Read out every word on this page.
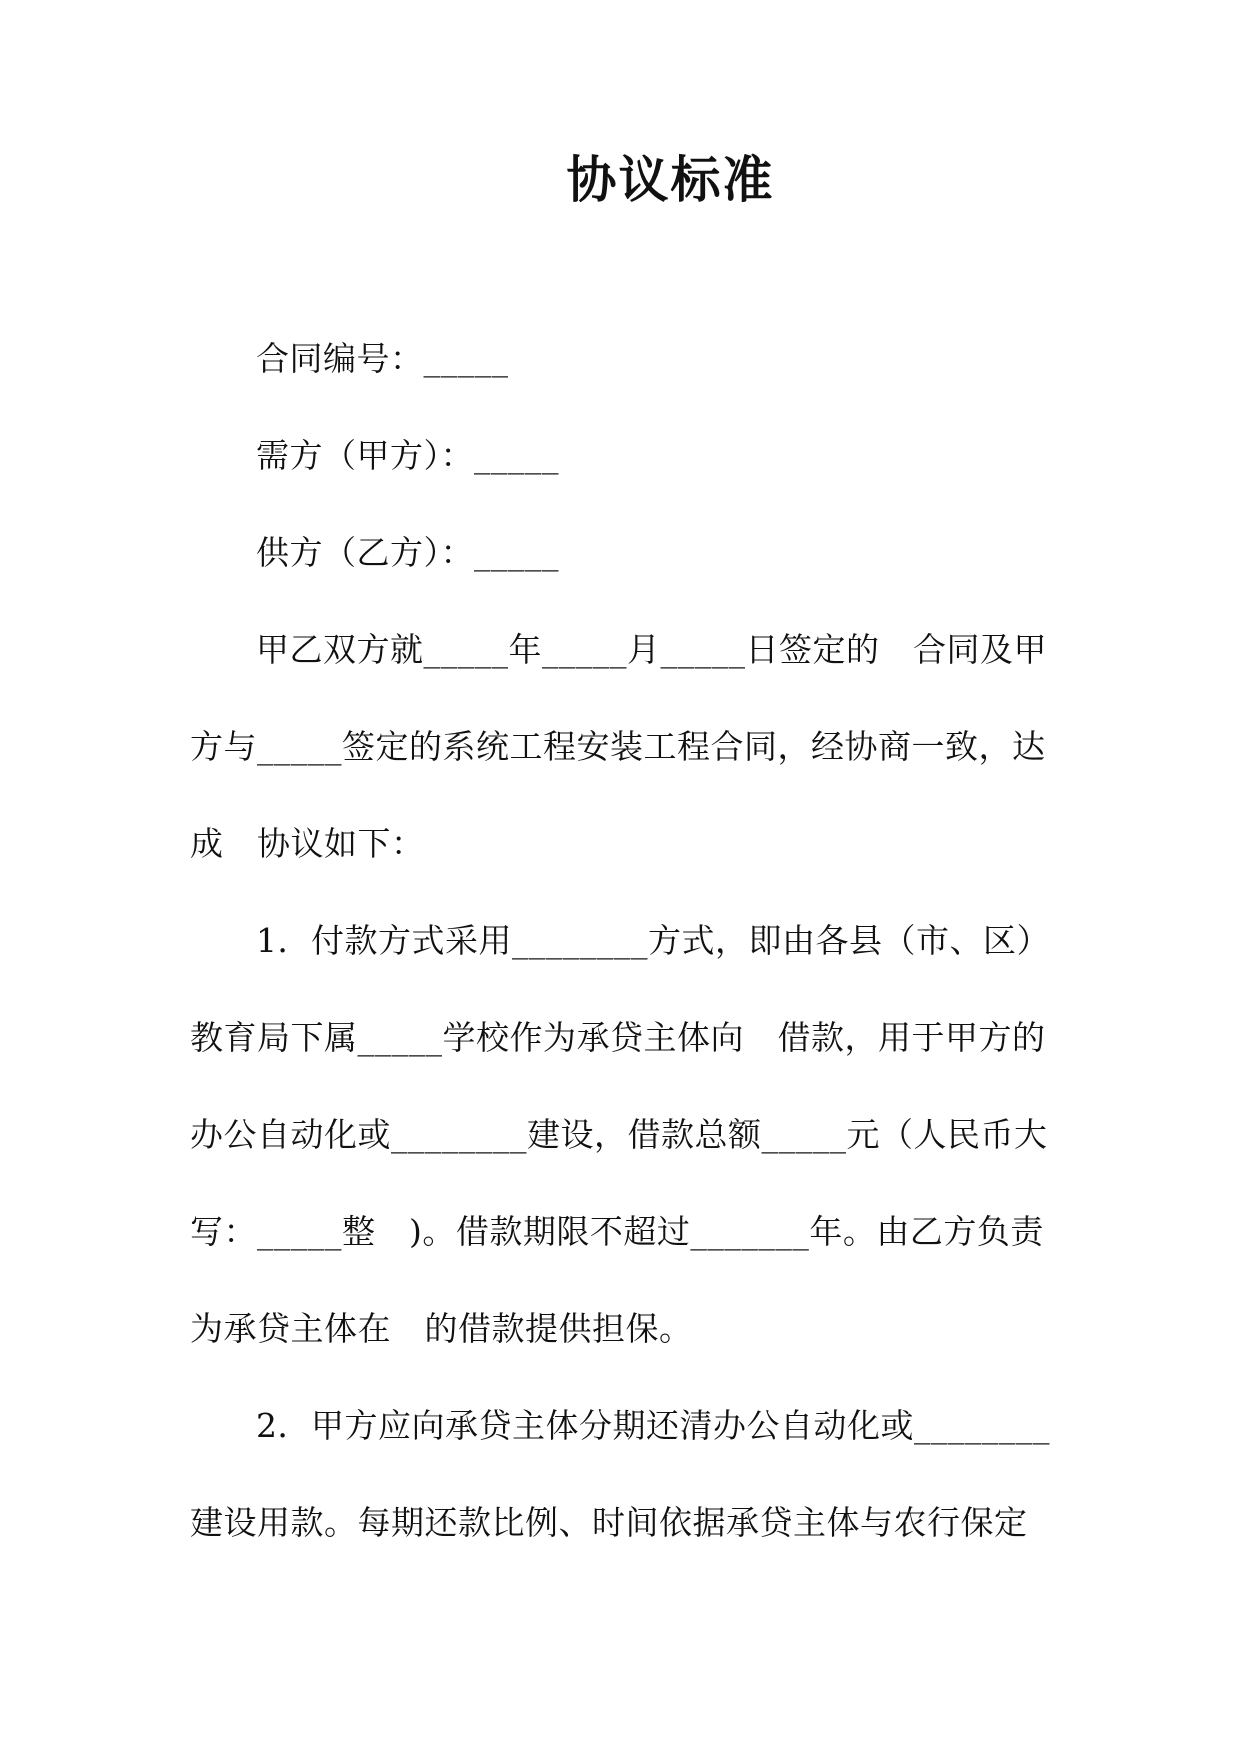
协议标准

合同编号：_____

需方（甲方）：_____

供方（乙方）：_____

甲乙双方就_____年_____月_____日签定的　合同及甲

方与_____签定的系统工程安装工程合同，经协商一致，达

成　协议如下：

1．付款方式采用________方式，即由各县（市、区）

教育局下属_____学校作为承贷主体向　借款，用于甲方的

办公自动化或________建设，借款总额_____元（人民币大

写：_____整　)。借款期限不超过_______年。由乙方负责

为承贷主体在　的借款提供担保。

2．甲方应向承贷主体分期还清办公自动化或________

建设用款。每期还款比例、时间依据承贷主体与农行保定
